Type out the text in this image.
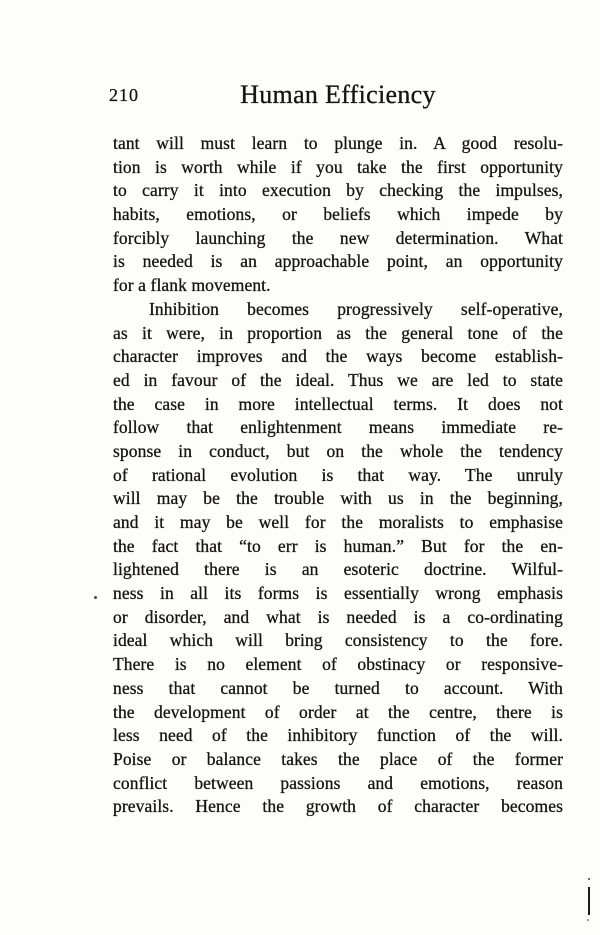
210	Human Efficiency
tant will must learn to plunge in. A good resolu-
tion is worth while if you take the first opportunity
to carry it into execution by checking the impulses,
habits, emotions, or beliefs which impede by
forcibly launching the new determination. What
is needed is an approachable point, an opportunity
for a flank movement.
Inhibition becomes progressively self-operative,
as it were, in proportion as the general tone of the
character improves and the ways become establish-
ed in favour of the ideal. Thus we are led to state
the case in more intellectual terms. It does not
follow that enlightenment means immediate re-
sponse in conduct, but on the whole the tendency
of rational evolution is that way. The unruly
will may be the trouble with us in the beginning,
and it may be well for the moralists to emphasise
the fact that “to err is human.” But for the en-
lightened there is an esoteric doctrine. Wilful-
ness in all its forms is essentially wrong emphasis
or disorder, and what is needed is a co-ordinating
ideal which will bring consistency to the fore.
There is no element of obstinacy or responsive-
ness that cannot be turned to account. With
the development of order at the centre, there is
less need of the inhibitory function of the will.
Poise or balance takes the place of the former
conflict between passions and emotions, reason
prevails. Hence the growth of character becomes
